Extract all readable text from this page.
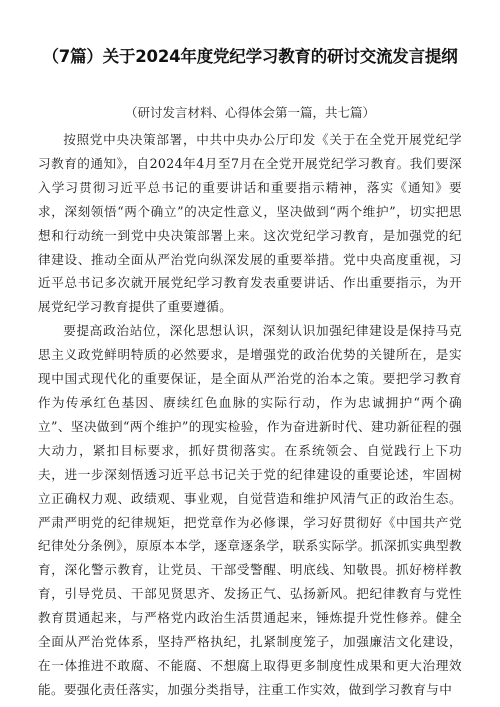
（7篇）关于2024年度党纪学习教育的研讨交流发言提纲

（研讨发言材料、心得体会第一篇，共七篇）

按照党中央决策部署，中共中央办公厅印发《关于在全党开展党纪学习教育的通知》，自2024年4月至7月在全党开展党纪学习教育。我们要深入学习贯彻习近平总书记的重要讲话和重要指示精神，落实《通知》要求，深刻领悟“两个确立”的决定性意义，坚决做到“两个维护”，切实把思想和行动统一到党中央决策部署上来。这次党纪学习教育，是加强党的纪律建设、推动全面从严治党向纵深发展的重要举措。党中央高度重视，习近平总书记多次就开展党纪学习教育发表重要讲话、作出重要指示，为开展党纪学习教育提供了重要遵循。

要提高政治站位，深化思想认识，深刻认识加强纪律建设是保持马克思主义政党鲜明特质的必然要求，是增强党的政治优势的关键所在，是实现中国式现代化的重要保证，是全面从严治党的治本之策。要把学习教育作为传承红色基因、赓续红色血脉的实际行动，作为忠诚拥护“两个确立”、坚决做到“两个维护”的现实检验，作为奋进新时代、建功新征程的强大动力，紧扣目标要求，抓好贯彻落实。在系统领会、自觉践行上下功夫，进一步深刻悟透习近平总书记关于党的纪律建设的重要论述，牢固树立正确权力观、政绩观、事业观，自觉营造和维护风清气正的政治生态。严肃严明党的纪律规矩，把党章作为必修课，学习好贯彻好《中国共产党纪律处分条例》，原原本本学，逐章逐条学，联系实际学。抓深抓实典型教育，深化警示教育，让党员、干部受警醒、明底线、知敬畏。抓好榜样教育，引导党员、干部见贤思齐、发扬正气、弘扬新风。把纪律教育与党性教育贯通起来，与严格党内政治生活贯通起来，锤炼提升党性修养。健全全面从严治党体系，坚持严格执纪，扎紧制度笼子，加强廉洁文化建设，在一体推进不敢腐、不能腐、不想腐上取得更多制度性成果和更大治理效能。要强化责任落实，加强分类指导，注重工作实效，做到学习教育与中
